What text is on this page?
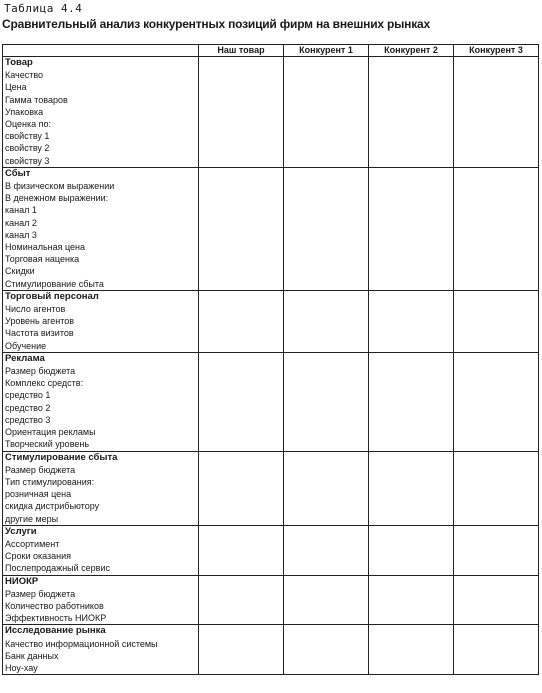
Таблица 4.4
Сравнительный анализ конкурентных позиций фирм на внешних рынках
	Наш товар	Конкурент 1	Конкурент 2	Конкурент 3
Товар				
Качество				
Цена				
Гамма товаров				
Упаковка				
Оценка по:				
свойству 1				
свойству 2				
свойству 3				
Сбыт				
В физическом выражении				
В денежном выражении:				
канал 1				
канал 2				
канал 3				
Номинальная цена				
Торговая наценка				
Скидки				
Стимулирование сбыта				
Торговый персонал				
Число агентов				
Уровень агентов				
Частота визитов				
Обучение				
Реклама				
Размер бюджета				
Комплекс средств:				
средство 1				
средство 2				
средство 3				
Ориентация рекламы				
Творческий уровень				
Стимулирование сбыта				
Размер бюджета				
Тип стимулирования:				
розничная цена				
скидка дистрибьютору				
другие меры				
Услуги				
Ассортимент				
Сроки оказания				
Послепродажный сервис				
НИОКР				
Размер бюджета				
Количество работников				
Эффективность НИОКР				
Исследование рынка				
Качество информационной системы				
Банк данных				
Ноу-хау				
